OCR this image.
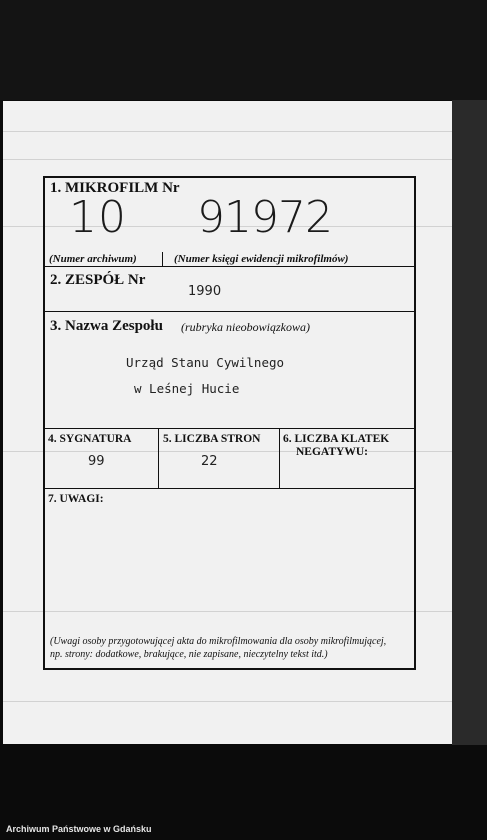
1. MIKROFILM Nr
10 91972
(Numer archiwum)	(Numer księgi ewidencji mikrofilmów)
2. ZESPÓŁ Nr
1990
3. Nazwa Zespołu (rubryka nieobowiązkowa)
Urząd Stanu Cywilnego
w Leśnej Hucie
4. SYGNATURA
99
5. LICZBA STRON
22
6. LICZBA KLATEK
NEGATYWU:
7. UWAGI:
(Uwagi osoby przygotowującej akta do mikrofilmowania dla osoby mikrofilmującej,
np. strony: dodatkowe, brakujące, nie zapisane, nieczytelny tekst itd.)
Archiwum Państwowe w Gdańsku
